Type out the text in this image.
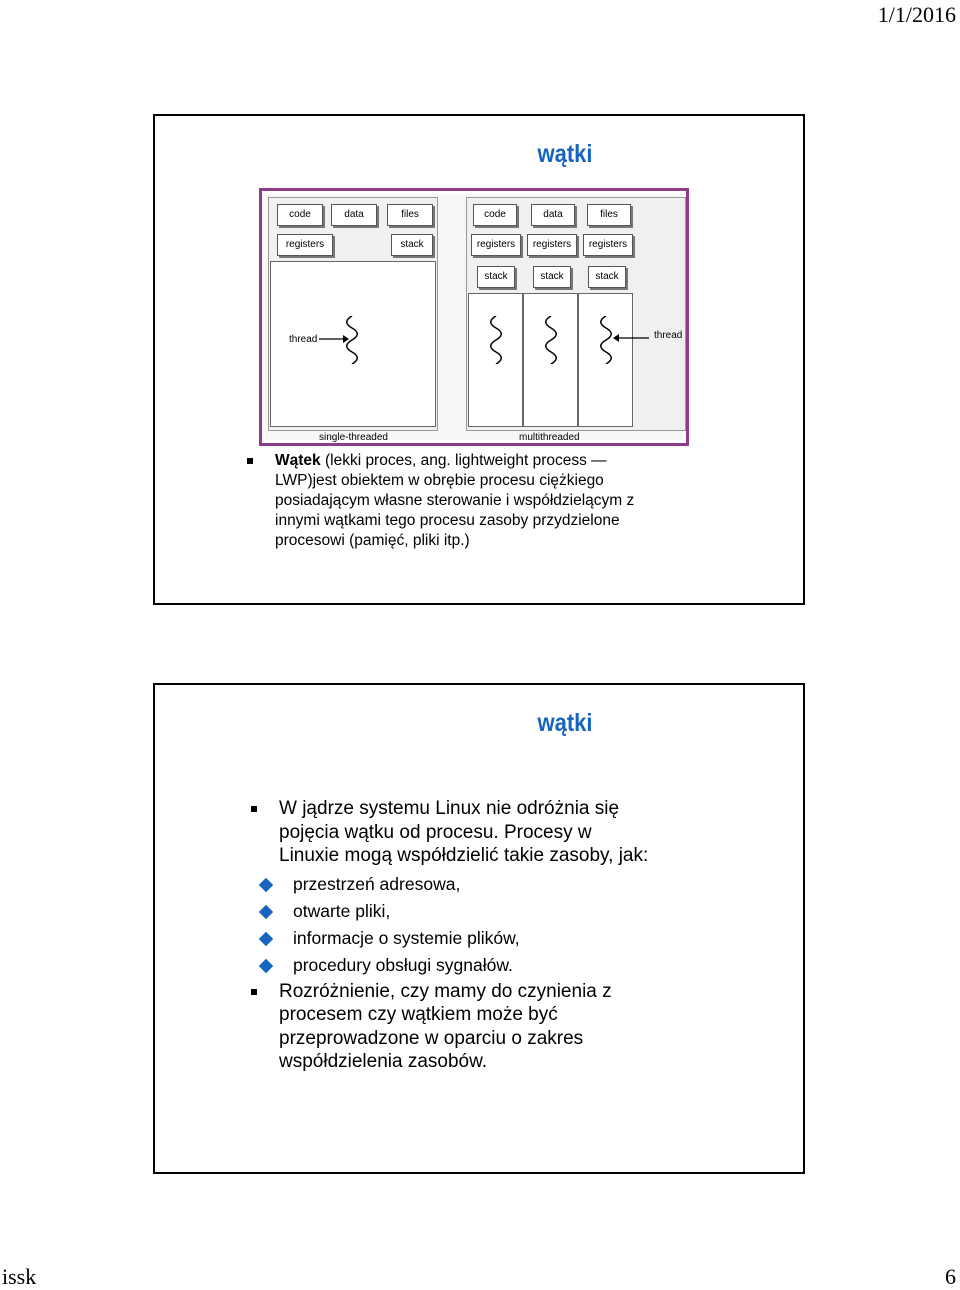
1/1/2016
wątki
code	data	files
registers	stack
thread
single-threaded
code	data	files
registers	registers	registers
stack	stack	stack
thread
multithreaded
Wątek (lekki proces, ang. lightweight process —
LWP)jest obiektem w obrębie procesu ciężkiego
posiadającym własne sterowanie i współdzielącym z
innymi wątkami tego procesu zasoby przydzielone
procesowi (pamięć, pliki itp.)
wątki
W jądrze systemu Linux nie odróżnia się
pojęcia wątku od procesu. Procesy w
Linuxie mogą współdzielić takie zasoby, jak:
przestrzeń adresowa,
otwarte pliki,
informacje o systemie plików,
procedury obsługi sygnałów.
Rozróżnienie, czy mamy do czynienia z
procesem czy wątkiem może być
przeprowadzone w oparciu o zakres
współdzielenia zasobów.
issk	6
